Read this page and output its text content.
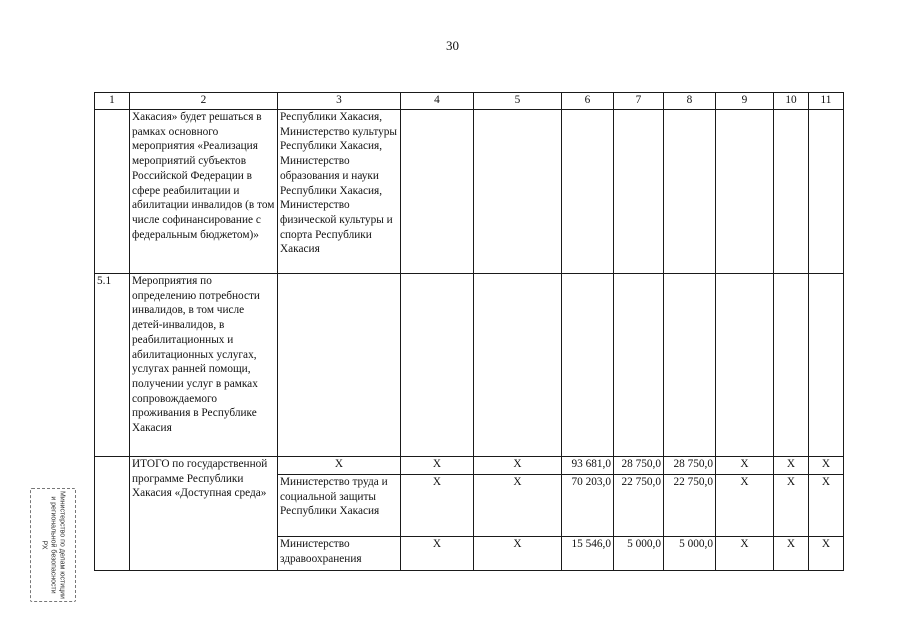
30
1	2	3	4	5	6	7	8	9	10	11
	Хакасия» будет решаться в рамках основного мероприятия «Реализация мероприятий субъектов Российской Федерации в сфере реабилитации и абилитации инвалидов (в том числе софинансирование с федеральным бюджетом)»	Республики Хакасия, Министерство культуры Республики Хакасия, Министерство образования и науки Республики Хакасия, Министерство физической культуры и спорта Республики Хакасия								
5.1	Мероприятия по определению потребности инвалидов, в том числе детей-инвалидов, в реабилитационных и абилитационных услугах, услугах ранней помощи, получении услуг в рамках сопровождаемого проживания в Республике Хакасия									
	ИТОГО по государственной программе Республики Хакасия «Доступная среда»	X	X	X	93 681,0	28 750,0	28 750,0	X	X	X
		Министерство труда и социальной защиты Республики Хакасия	X	X	70 203,0	22 750,0	22 750,0	X	X	X
		Министерство здравоохранения	X	X	15 546,0	5 000,0	5 000,0	X	X	X
Министерство по делам юстиции и региональной безопасности РХ
